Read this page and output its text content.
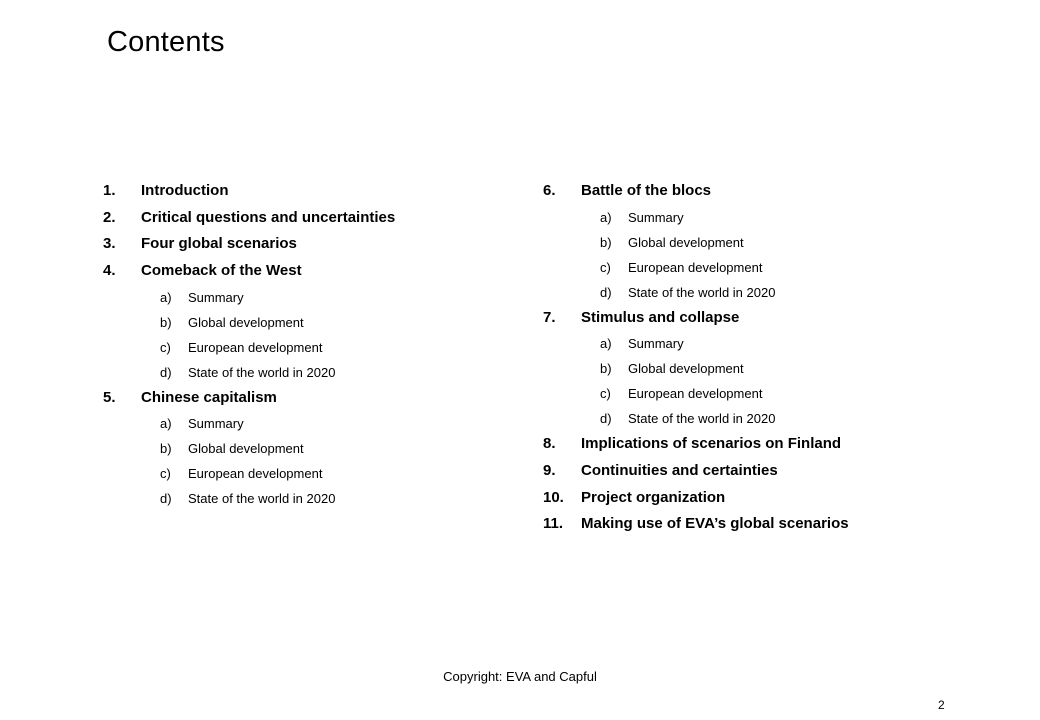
Contents
1. Introduction
2. Critical questions and uncertainties
3. Four global scenarios
4. Comeback of the West
a) Summary
b) Global development
c) European development
d) State of the world in 2020
5. Chinese capitalism
a) Summary
b) Global development
c) European development
d) State of the world in 2020
6. Battle of the blocs
a) Summary
b) Global development
c) European development
d) State of the world in 2020
7. Stimulus and collapse
a) Summary
b) Global development
c) European development
d) State of the world in 2020
8. Implications of scenarios on Finland
9. Continuities and certainties
10. Project organization
11. Making use of EVA’s global scenarios
Copyright: EVA and Capful
2
